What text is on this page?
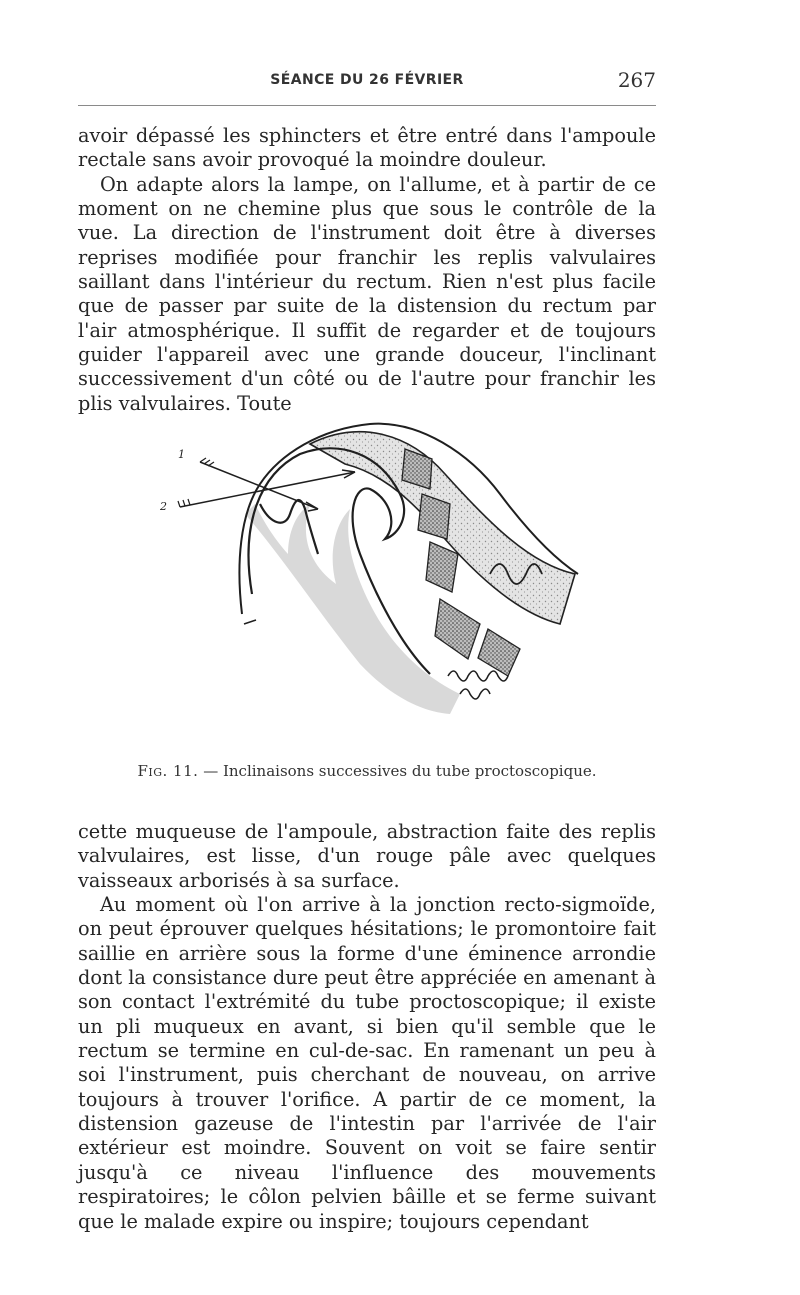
SÉANCE DU 26 FÉVRIER	267

avoir dépassé les sphincters et être entré dans l'ampoule rectale sans avoir provoqué la moindre douleur.

On adapte alors la lampe, on l'allume, et à partir de ce moment on ne chemine plus que sous le contrôle de la vue. La direction de l'instrument doit être à diverses reprises modifiée pour franchir les replis valvulaires saillant dans l'intérieur du rectum. Rien n'est plus facile que de passer par suite de la distension du rectum par l'air atmosphérique. Il suffit de regarder et de toujours guider l'appareil avec une grande douceur, l'inclinant successivement d'un côté ou de l'autre pour franchir les plis valvulaires. Toute

1
2
Fig. 11. — Inclinaisons successives du tube proctoscopique.

cette muqueuse de l'ampoule, abstraction faite des replis valvulaires, est lisse, d'un rouge pâle avec quelques vaisseaux arborisés à sa surface.

Au moment où l'on arrive à la jonction recto-sigmoïde, on peut éprouver quelques hésitations; le promontoire fait saillie en arrière sous la forme d'une éminence arrondie dont la consistance dure peut être appréciée en amenant à son contact l'extrémité du tube proctoscopique; il existe un pli muqueux en avant, si bien qu'il semble que le rectum se termine en cul-de-sac. En ramenant un peu à soi l'instrument, puis cherchant de nouveau, on arrive toujours à trouver l'orifice. A partir de ce moment, la distension gazeuse de l'intestin par l'arrivée de l'air extérieur est moindre. Souvent on voit se faire sentir jusqu'à ce niveau l'influence des mouvements respiratoires; le côlon pelvien bâille et se ferme suivant que le malade expire ou inspire; toujours cependant
